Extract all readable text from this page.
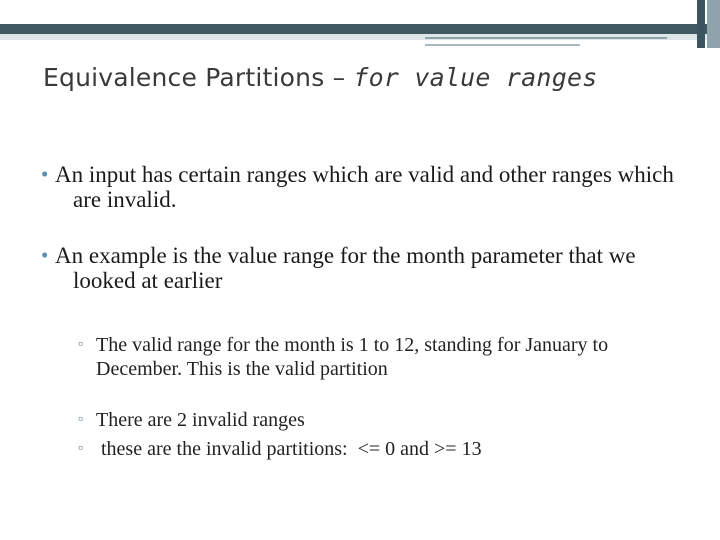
Equivalence Partitions – for value ranges
• An input has certain ranges which are valid and other ranges which are invalid.
• An example is the value range for the month parameter that we looked at earlier
▫ The valid range for the month is 1 to 12, standing for January to December. This is the valid partition
▫ There are 2 invalid ranges
▫ these are the invalid partitions:  <= 0 and >= 13
